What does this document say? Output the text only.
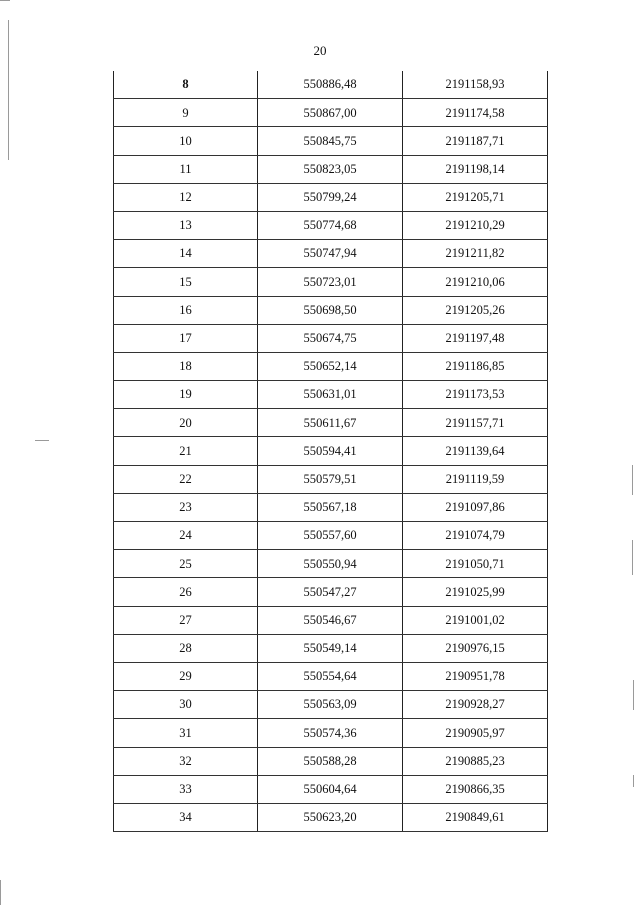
20
8	550886,48	2191158,93
9	550867,00	2191174,58
10	550845,75	2191187,71
11	550823,05	2191198,14
12	550799,24	2191205,71
13	550774,68	2191210,29
14	550747,94	2191211,82
15	550723,01	2191210,06
16	550698,50	2191205,26
17	550674,75	2191197,48
18	550652,14	2191186,85
19	550631,01	2191173,53
20	550611,67	2191157,71
21	550594,41	2191139,64
22	550579,51	2191119,59
23	550567,18	2191097,86
24	550557,60	2191074,79
25	550550,94	2191050,71
26	550547,27	2191025,99
27	550546,67	2191001,02
28	550549,14	2190976,15
29	550554,64	2190951,78
30	550563,09	2190928,27
31	550574,36	2190905,97
32	550588,28	2190885,23
33	550604,64	2190866,35
34	550623,20	2190849,61
